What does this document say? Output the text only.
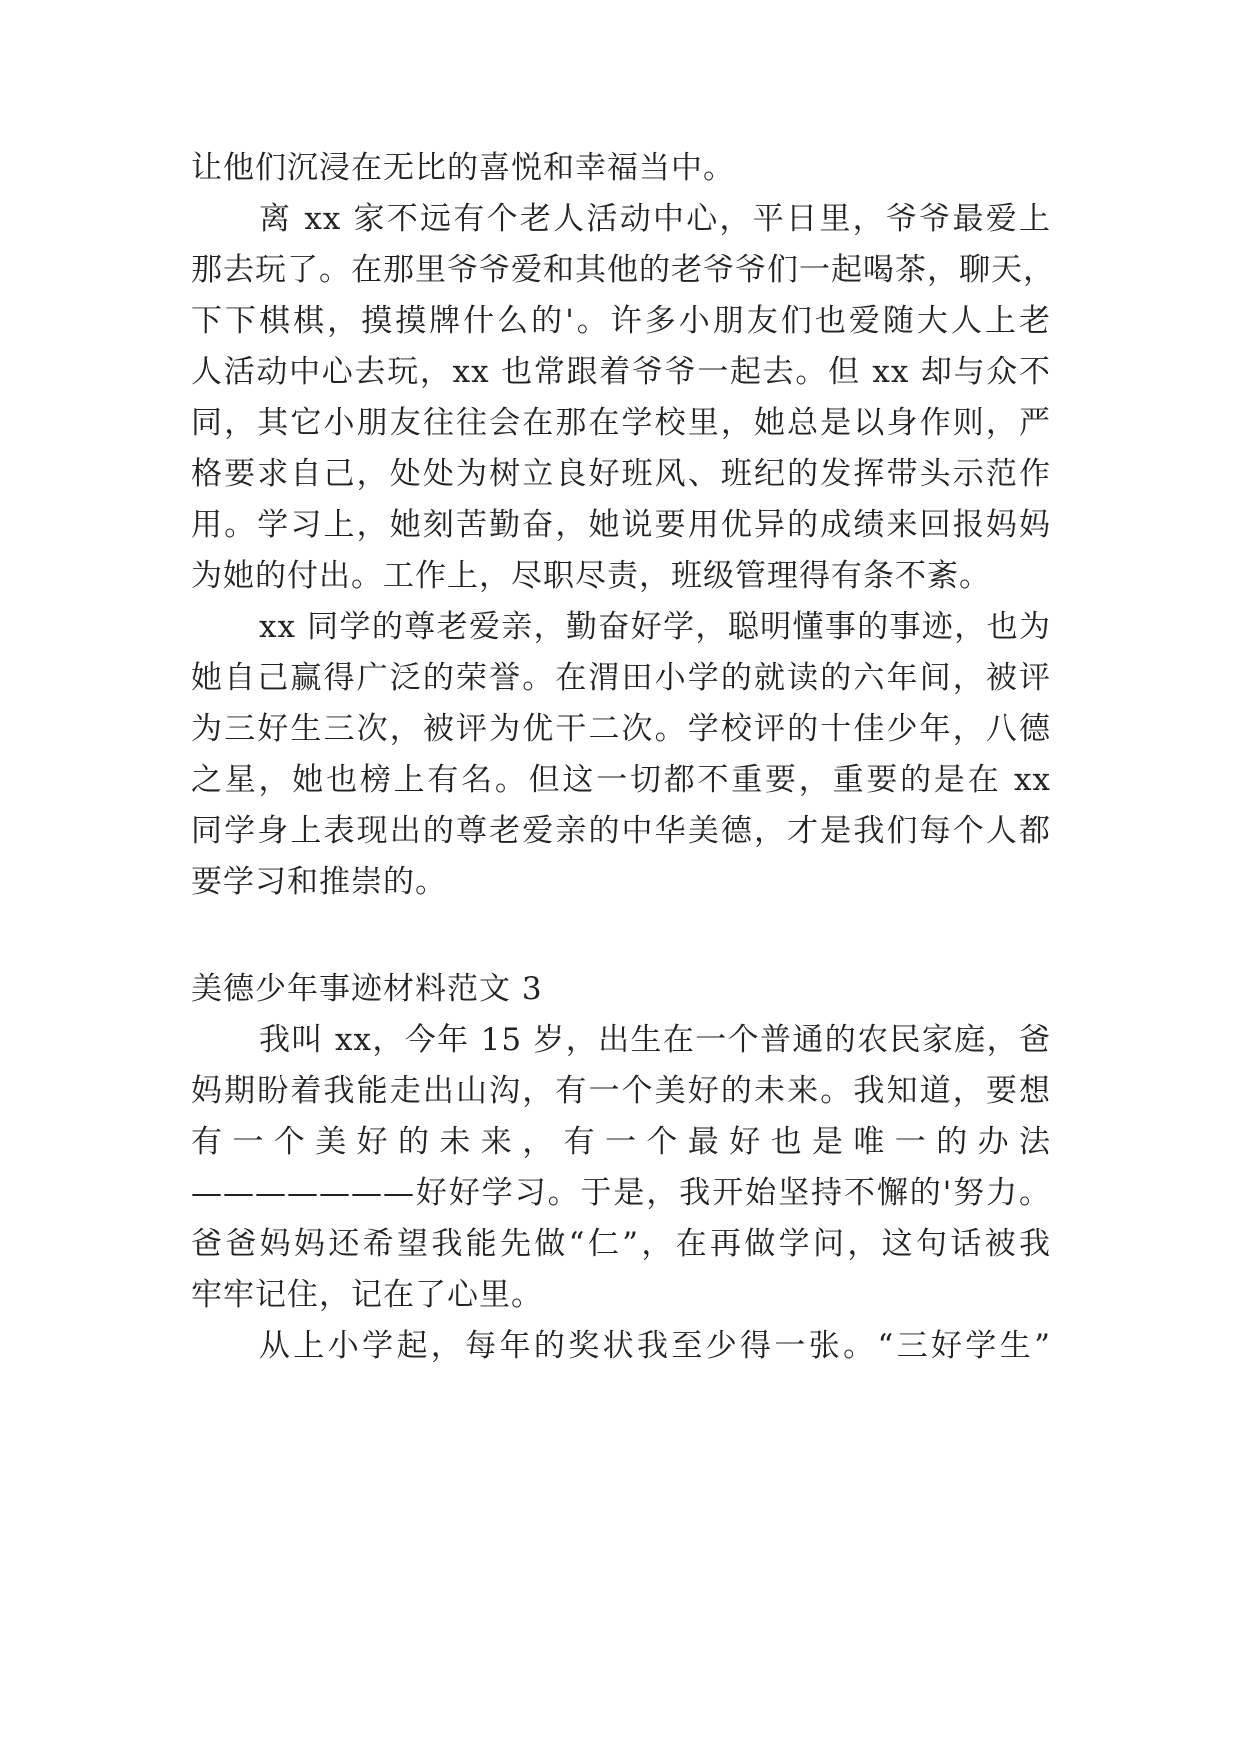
让他们沉浸在无比的喜悦和幸福当中。
离 xx 家不远有个老人活动中心，平日里，爷爷最爱上
那去玩了。在那里爷爷爱和其他的老爷爷们一起喝茶，聊天，
下下棋棋，摸摸牌什么的'。许多小朋友们也爱随大人上老
人活动中心去玩，xx 也常跟着爷爷一起去。但 xx 却与众不
同，其它小朋友往往会在那在学校里，她总是以身作则，严
格要求自己，处处为树立良好班风、班纪的发挥带头示范作
用。学习上，她刻苦勤奋，她说要用优异的成绩来回报妈妈
为她的付出。工作上，尽职尽责，班级管理得有条不紊。
xx 同学的尊老爱亲，勤奋好学，聪明懂事的事迹，也为
她自己赢得广泛的荣誉。在渭田小学的就读的六年间，被评
为三好生三次，被评为优干二次。学校评的十佳少年，八德
之星，她也榜上有名。但这一切都不重要，重要的是在 xx
同学身上表现出的尊老爱亲的中华美德，才是我们每个人都
要学习和推崇的。
美德少年事迹材料范文 3
我叫 xx，今年 15 岁，出生在一个普通的农民家庭，爸
妈期盼着我能走出山沟，有一个美好的未来。我知道，要想
有一个美好的未来，有一个最好也是唯一的办法
———————好好学习。于是，我开始坚持不懈的'努力。
爸爸妈妈还希望我能先做“仁”，在再做学问，这句话被我
牢牢记住，记在了心里。
从上小学起，每年的奖状我至少得一张。“三好学生”
